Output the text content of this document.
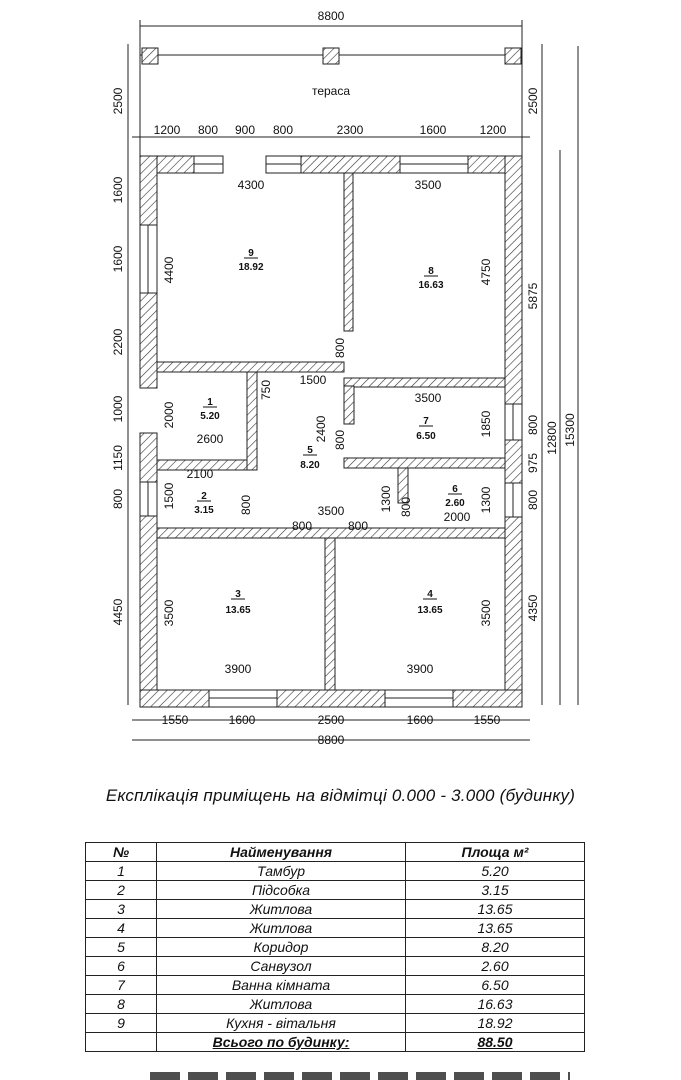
8800
тераса
2500	2500
1200 800 900 800	2300	1600	1200
1600
1600
2200
1000
1150
800
4450
5875
800
975
800
4350
12800 15300
1550	1600	2500	1600	1550
8800
4300
4400
3500
4750
800
1500
750
2000
2600	2400 800
3500
1850
2100
1500	800	3500
800	800
1300 800	2000
1300
3500
3900	3900
3500
9
18.92	8
16.63
1
5.20
5
8.20
7
6.50
2
3.15
6
2.60
3
13.65
4
13.65
Експлікація приміщень на відмітці 0.000 - 3.000 (будинку)
№	Найменування	Площа м²
1	Тамбур	5.20
2	Підсобка	3.15
3	Житлова	13.65
4	Житлова	13.65
5	Коридор	8.20
6	Санвузол	2.60
7	Ванна кімната	6.50
8	Житлова	16.63
9	Кухня - вітальня	18.92
	Всього по будинку:	88.50
